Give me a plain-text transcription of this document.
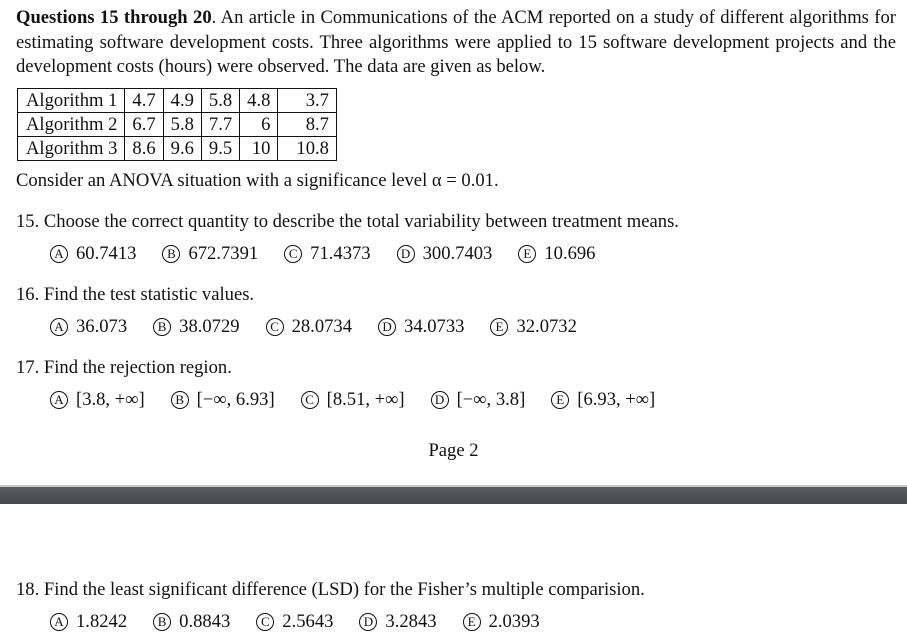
Questions 15 through 20. An article in Communications of the ACM reported on a study of different algorithms for estimating software development costs. Three algorithms were applied to 15 software development projects and the development costs (hours) were observed. The data are given as below.
Algorithm 1	4.7	4.9	5.8	4.8	3.7
Algorithm 2	6.7	5.8	7.7	6	8.7
Algorithm 3	8.6	9.6	9.5	10	10.8
Consider an ANOVA situation with a significance level α = 0.01.
15. Choose the correct quantity to describe the total variability between treatment means.
A 60.7413	B 672.7391	C 71.4373	D 300.7403	E 10.696
16. Find the test statistic values.
A 36.073	B 38.0729	C 28.0734	D 34.0733	E 32.0732
17. Find the rejection region.
A [3.8, +∞]	B [−∞, 6.93]	C [8.51, +∞]	D [−∞, 3.8]	E [6.93, +∞]
Page 2
18. Find the least significant difference (LSD) for the Fisher’s multiple comparision.
A 1.8242	B 0.8843	C 2.5643	D 3.2843	E 2.0393
